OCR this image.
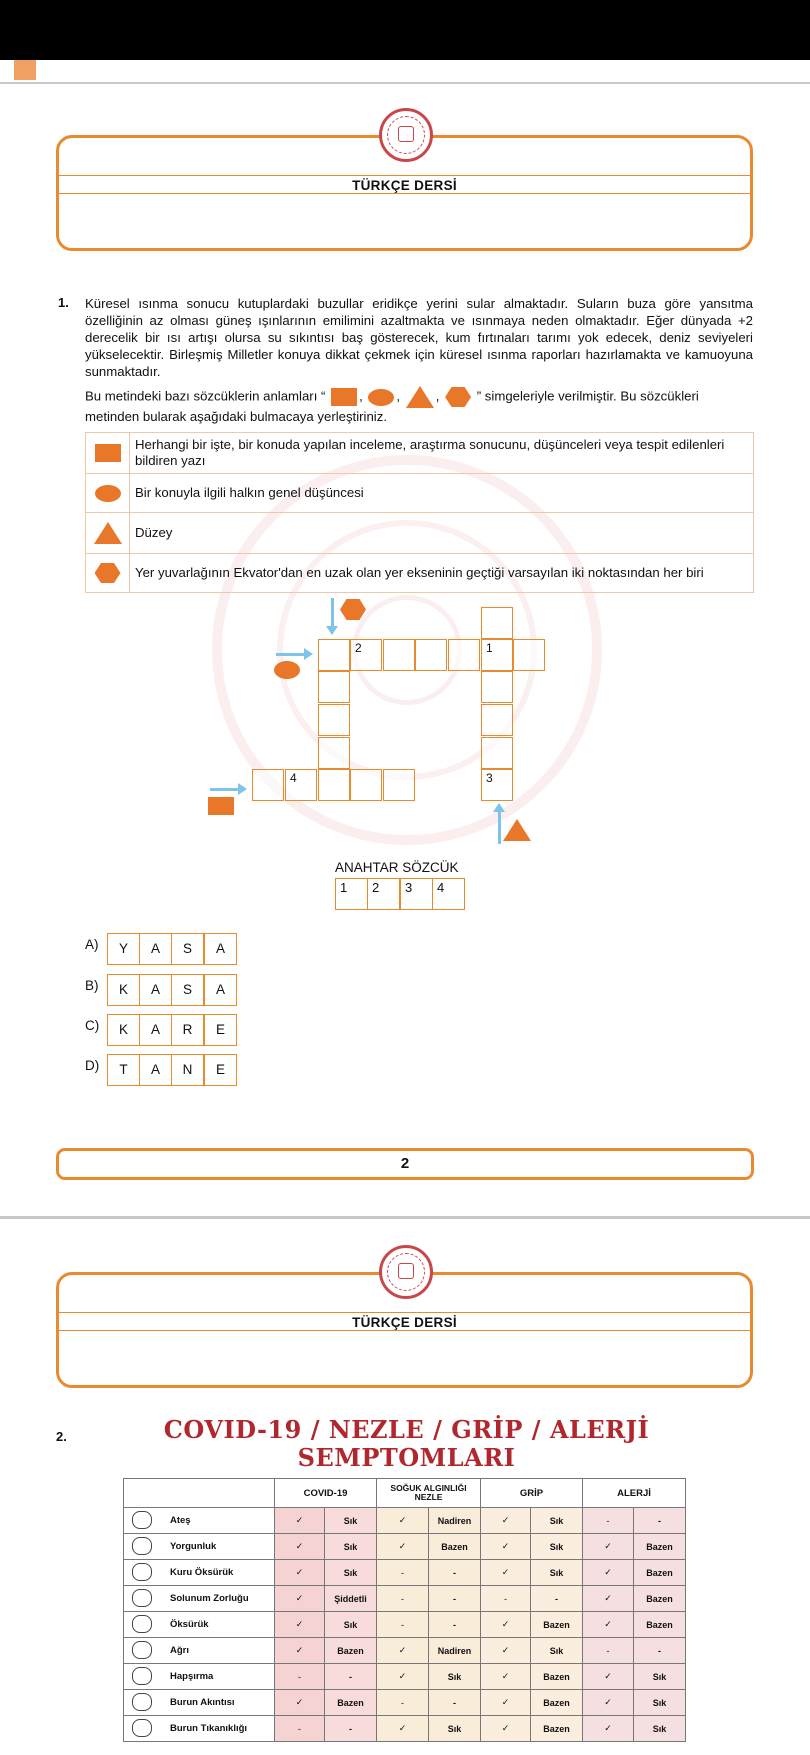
TÜRKÇE DERSİ
1. Küresel ısınma sonucu kutuplardaki buzullar eridikçe yerini sular almaktadır. Suların buza göre yansıtma özelliğinin az olması güneş ışınlarının emilimini azaltmakta ve ısınmaya neden olmaktadır. Eğer dünyada +2 derecelik bir ısı artışı olursa su sıkıntısı baş gösterecek, kum fırtınaları tarımı yok edecek, deniz seviyeleri yükselecektir. Birleşmiş Milletler konuya dikkat çekmek için küresel ısınma raporları hazırlamakta ve kamuoyuna sunmaktadır.
Bu metindeki bazı sözcüklerin anlamları “	, , ,	” simgeleriyle verilmiştir. Bu sözcükleri metinden bularak aşağıdaki bulmacaya yerleştiriniz.
	Herhangi bir işte, bir konuda yapılan inceleme, araştırma sonucunu, düşünceleri veya tespit edilenleri bildiren yazı
	Bir konuyla ilgili halkın genel düşüncesi
	Düzey
	Yer yuvarlağının Ekvator'dan en uzak olan yer ekseninin geçtiği varsayılan iki noktasından her biri
2	1
3
4
ANAHTAR SÖZCÜK
1	2	3	4
A)	Y	A	S	A
B)	K	A	S	A
C)	K	A	R	E
D)	T	A	N	E
2
TÜRKÇE DERSİ
2.	COVID-19 / NEZLE / GRİP / ALERJİ
SEMPTOMLARI
	COVID-19		SOĞUK ALGINLIĞI NEZLE		GRİP		ALERJİ	

Ateş	✓	Sık	✓	Nadiren	✓	Sık	-	-

Yorgunluk	✓	Sık	✓	Bazen	✓	Sık	✓	Bazen

Kuru Öksürük	✓	Sık	-	-	✓	Sık	✓	Bazen

Solunum Zorluğu	✓	Şiddetli	-	-	-	-	✓	Bazen

Öksürük	✓	Sık	-	-	✓	Bazen	✓	Bazen

Ağrı	✓	Bazen	✓	Nadiren	✓	Sık	-	-

Hapşırma	-	-	✓	Sık	✓	Bazen	✓	Sık

Burun Akıntısı	✓	Bazen	-	-	✓	Bazen	✓	Sık

Burun Tıkanıklığı	-	-	✓	Sık	✓	Bazen	✓	Sık
